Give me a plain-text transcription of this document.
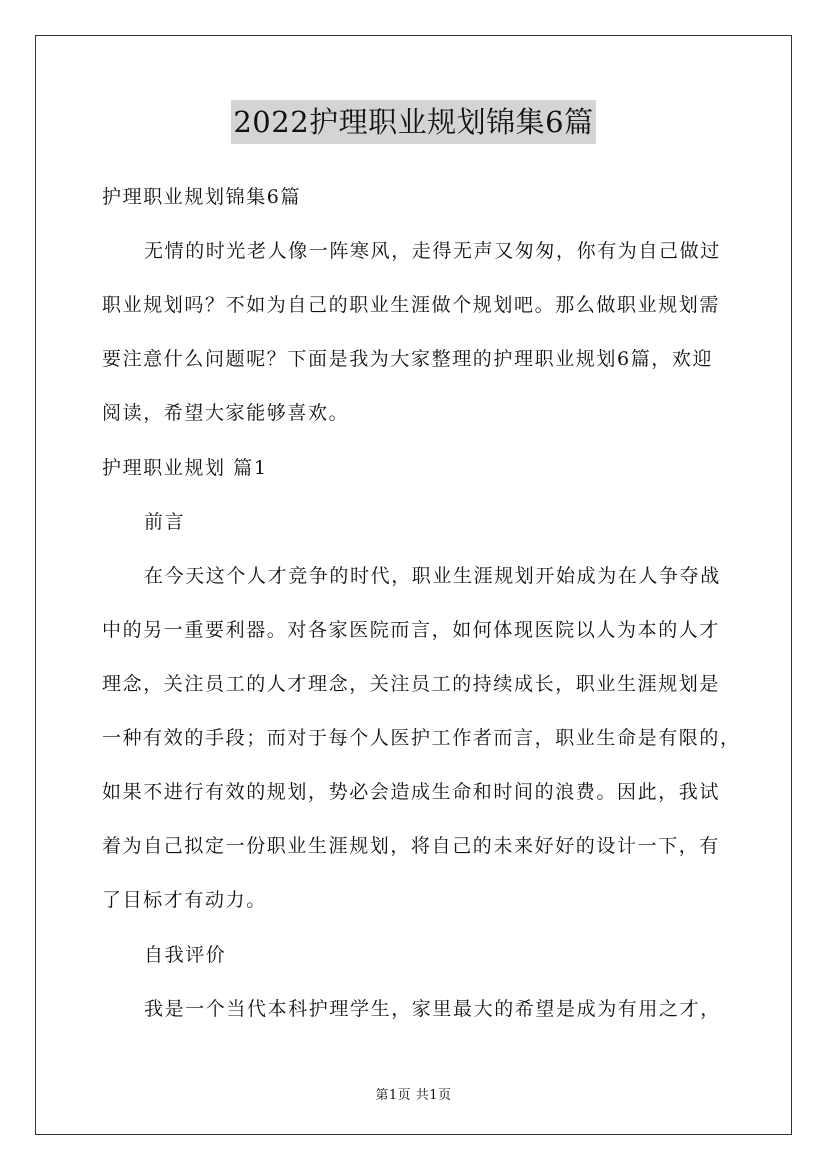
2022护理职业规划锦集6篇
护理职业规划锦集6篇
无情的时光老人像一阵寒风，走得无声又匆匆，你有为自己做过
职业规划吗？不如为自己的职业生涯做个规划吧。那么做职业规划需
要注意什么问题呢？下面是我为大家整理的护理职业规划6篇，欢迎
阅读，希望大家能够喜欢。
护理职业规划 篇1
前言
在今天这个人才竞争的时代，职业生涯规划开始成为在人争夺战
中的另一重要利器。对各家医院而言，如何体现医院以人为本的人才
理念，关注员工的人才理念，关注员工的持续成长，职业生涯规划是
一种有效的手段；而对于每个人医护工作者而言，职业生命是有限的，
如果不进行有效的规划，势必会造成生命和时间的浪费。因此，我试
着为自己拟定一份职业生涯规划，将自己的未来好好的设计一下，有
了目标才有动力。
自我评价
我是一个当代本科护理学生，家里最大的希望是成为有用之才，
第1页 共1页
